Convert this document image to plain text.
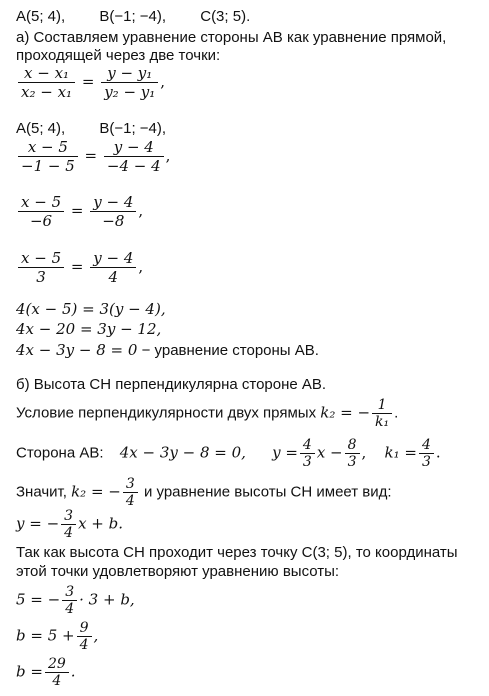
A(5; 4), B(−1; −4), C(3; 5).
а) Составляем уравнение стороны AB как уравнение прямой,
проходящей через две точки:
$\frac{\text{x − x₁}}{\text{x₂ − x₁}} = \frac{\text{y − y₁}}{\text{y₂ − y₁}}$ ,
A(5; 4), B(−1; −4),
$\frac{x - 5}{-1 - 5} = \frac{y - 4}{-4 - 4}$ ,
$\frac{x - 5}{-6} = \frac{y - 4}{-8}$ ,
$\frac{x - 5}{3} = \frac{y - 4}{4}$ ,
4(x − 5) = 3(y − 4),
4x − 20 = 3y − 12,
4x − 3y − 8 = 0 − уравнение стороны AB.
б) Высота CH перпендикулярна стороне AB.
Условие перпендикулярности двух прямых k₂ = − $\frac{1}{\text{k₁}}$ .
Сторона AB: 4x − 3y − 8 = 0, $y = \frac{4}{3}$ $x - \frac{8}{3}$ , $k_1 = \frac{4}{3}$ .
Значит, k₂ = − $\frac{3}{4}$ и уравнение высоты CH имеет вид:
y = − $\frac{3}{4}$ x + b.
Так как высота CH проходит через точку C(3; 5), то координаты
этой точки удовлетворяют уравнению высоты:
5 = − $\frac{3}{4} \cdot 3 + b$,
$b = 5 + \frac{9}{4}$ ,
$b = \frac{29}{4}$ .
